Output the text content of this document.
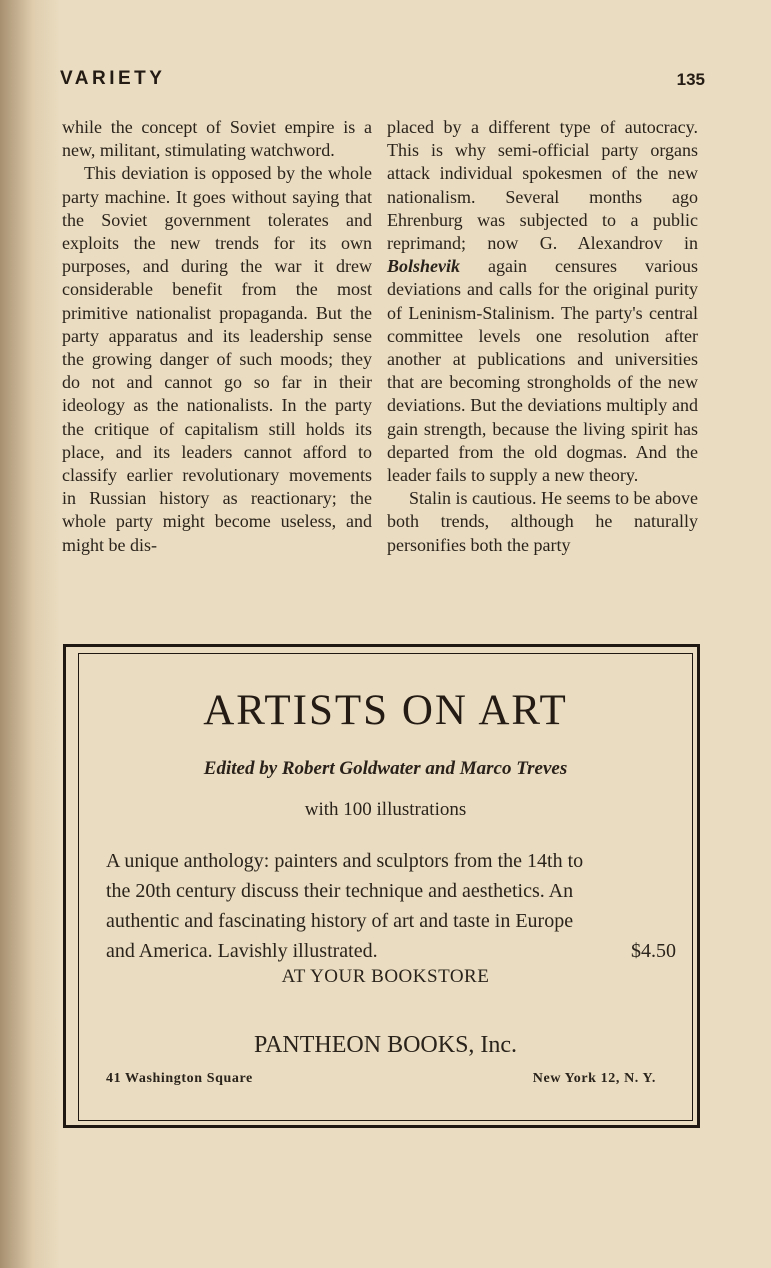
VARIETY	135

while the concept of Soviet empire is a new, militant, stimulating watchword.

This deviation is opposed by the whole party machine. It goes without saying that the Soviet government tolerates and exploits the new trends for its own purposes, and during the war it drew considerable benefit from the most primitive nationalist propaganda. But the party apparatus and its leadership sense the growing danger of such moods; they do not and cannot go so far in their ideology as the nationalists. In the party the critique of capitalism still holds its place, and its leaders cannot afford to classify earlier revolutionary movements in Russian history as reactionary; the whole party might become useless, and might be dis-

placed by a different type of autocracy. This is why semi-official party organs attack individual spokesmen of the new nationalism. Several months ago Ehrenburg was subjected to a public reprimand; now G. Alexandrov in Bolshevik again censures various deviations and calls for the original purity of Leninism-Stalinism. The party's central committee levels one resolution after another at publications and universities that are becoming strongholds of the new deviations. But the deviations multiply and gain strength, because the living spirit has departed from the old dogmas. And the leader fails to supply a new theory.

Stalin is cautious. He seems to be above both trends, although he naturally personifies both the party

ARTISTS ON ART
Edited by Robert Goldwater and Marco Treves
with 100 illustrations
A unique anthology: painters and sculptors from the 14th to
the 20th century discuss their technique and aesthetics. An
authentic and fascinating history of art and taste in Europe
and America. Lavishly illustrated.	$4.50
AT YOUR BOOKSTORE
PANTHEON BOOKS, Inc.
41 Washington Square	New York 12, N. Y.
